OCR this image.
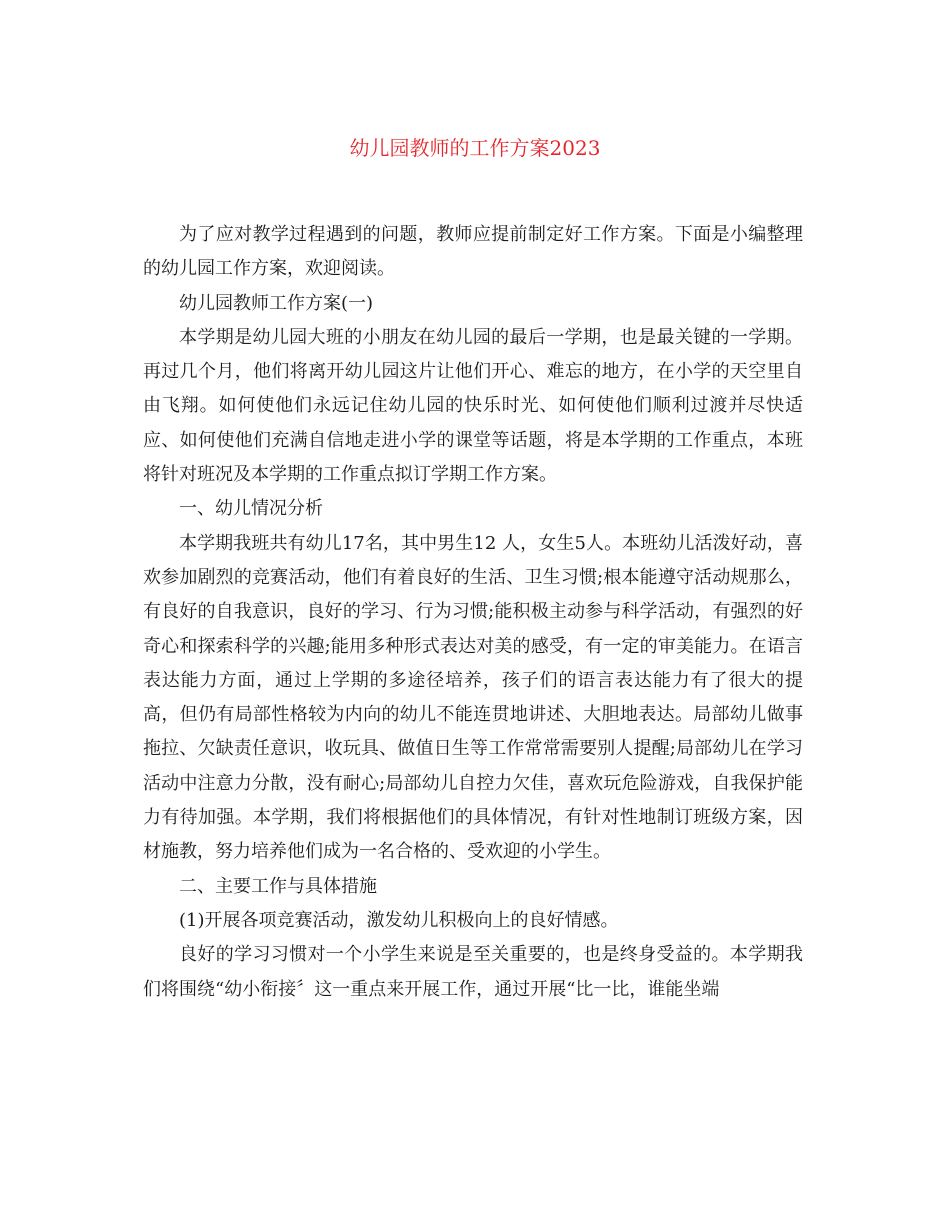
幼儿园教师的工作方案2023

为了应对教学过程遇到的问题，教师应提前制定好工作方案。下面是小编整理的幼儿园工作方案，欢迎阅读。

幼儿园教师工作方案(一)

本学期是幼儿园大班的小朋友在幼儿园的最后一学期，也是最关键的一学期。再过几个月，他们将离开幼儿园这片让他们开心、难忘的地方，在小学的天空里自由飞翔。如何使他们永远记住幼儿园的快乐时光、如何使他们顺利过渡并尽快适应、如何使他们充满自信地走进小学的课堂等话题，将是本学期的工作重点，本班将针对班况及本学期的工作重点拟订学期工作方案。

一、幼儿情况分析

本学期我班共有幼儿17名，其中男生12 人，女生5人。本班幼儿活泼好动，喜欢参加剧烈的竞赛活动，他们有着良好的生活、卫生习惯;根本能遵守活动规那么，有良好的自我意识，良好的学习、行为习惯;能积极主动参与科学活动，有强烈的好奇心和探索科学的兴趣;能用多种形式表达对美的感受，有一定的审美能力。在语言表达能力方面，通过上学期的多途径培养，孩子们的语言表达能力有了很大的提高，但仍有局部性格较为内向的幼儿不能连贯地讲述、大胆地表达。局部幼儿做事拖拉、欠缺责任意识，收玩具、做值日生等工作常常需要别人提醒;局部幼儿在学习活动中注意力分散，没有耐心;局部幼儿自控力欠佳，喜欢玩危险游戏，自我保护能力有待加强。本学期，我们将根据他们的具体情况，有针对性地制订班级方案，因材施教，努力培养他们成为一名合格的、受欢迎的小学生。

二、主要工作与具体措施

(1)开展各项竞赛活动，激发幼儿积极向上的良好情感。

良好的学习习惯对一个小学生来说是至关重要的，也是终身受益的。本学期我们将围绕“幼小衔接〞这一重点来开展工作，通过开展“比一比，谁能坐端
